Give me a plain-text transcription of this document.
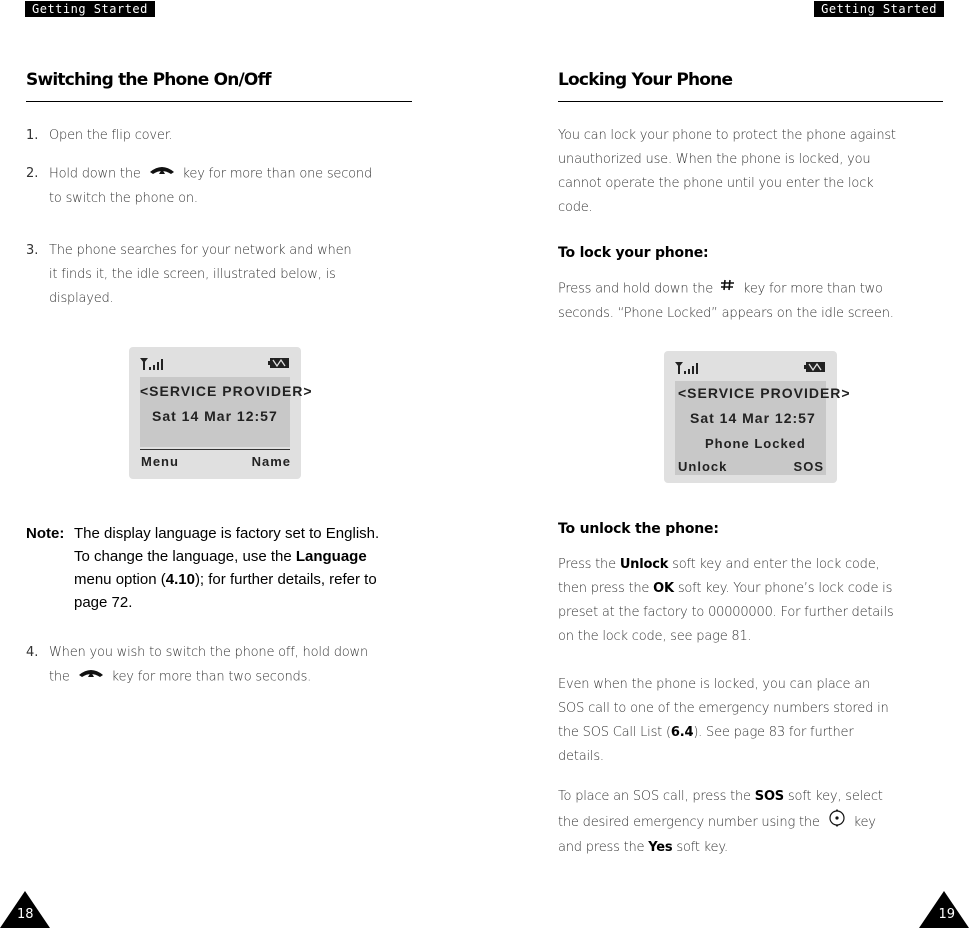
Getting Started	Getting Started
Switching the Phone On/Off
1. Open the flip cover.
2. Hold down the	key for more than one second
to switch the phone on.
3. The phone searches for your network and when
it finds it, the idle screen, illustrated below, is
displayed.
<SERVICE PROVIDER>
Sat 14 Mar 12:57
Menu	Name
Note: The display language is factory set to English.
To change the language, use the Language
menu option (4.10); for further details, refer to
page 72.
4. When you wish to switch the phone off, hold down
the	key for more than two seconds.
Locking Your Phone
You can lock your phone to protect the phone against
unauthorized use. When the phone is locked, you
cannot operate the phone until you enter the lock
code.
To lock your phone:
Press and hold down the key for more than two
seconds. “Phone Locked” appears on the idle screen.
<SERVICE PROVIDER>
Sat 14 Mar 12:57
Phone Locked
Unlock	SOS
To unlock the phone:
Press the Unlock soft key and enter the lock code,
then press the OK soft key. Your phone’s lock code is
preset at the factory to 00000000. For further details
on the lock code, see page 81.
Even when the phone is locked, you can place an
SOS call to one of the emergency numbers stored in
the SOS Call List (6.4). See page 83 for further
details.
To place an SOS call, press the SOS soft key, select
the desired emergency number using the	key
and press the Yes soft key.
18	19
